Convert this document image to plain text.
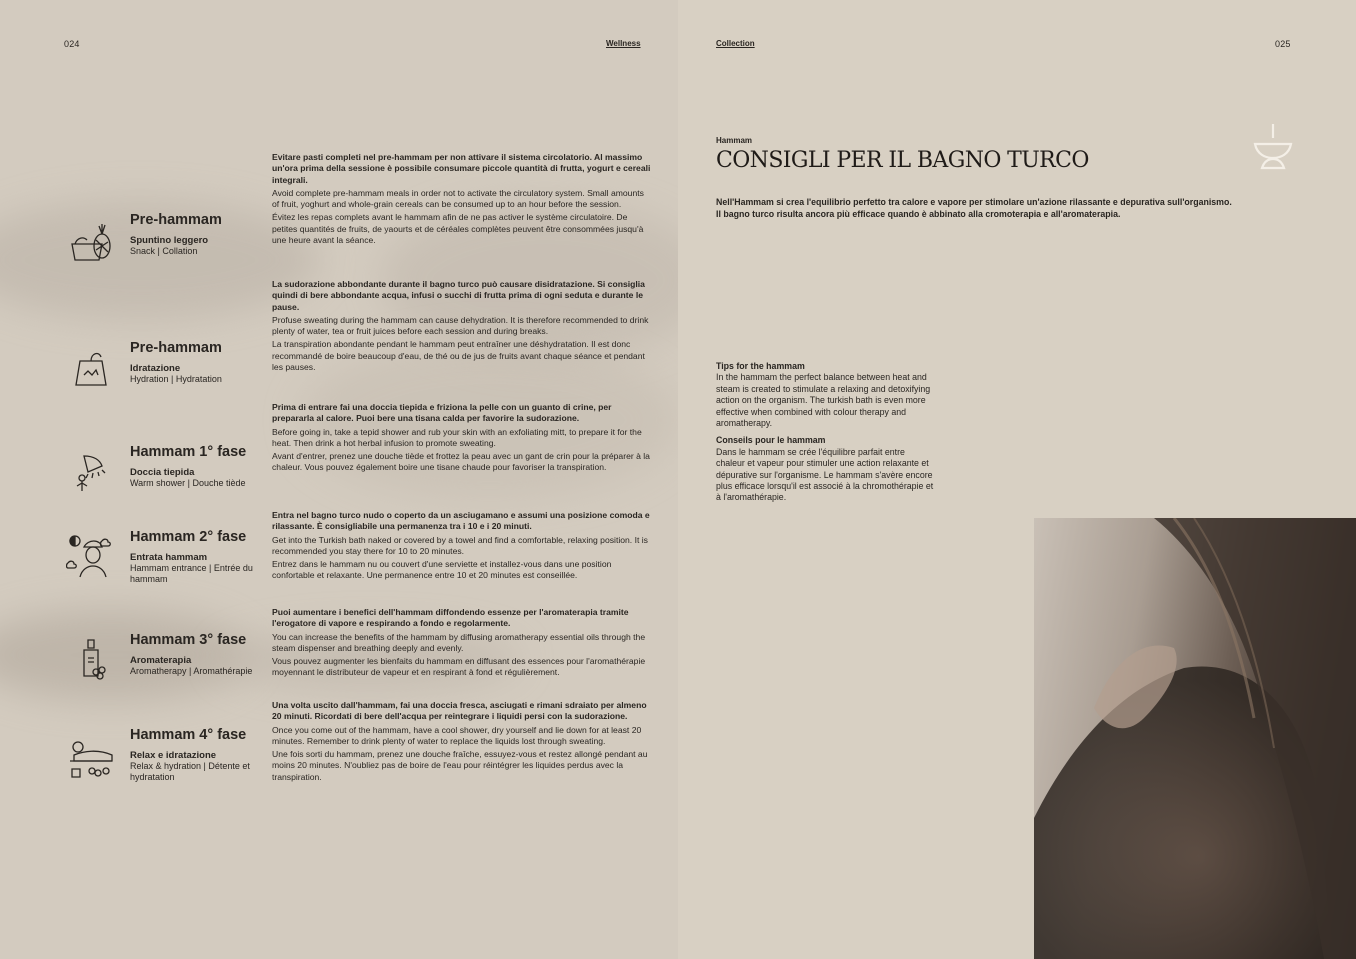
024	Wellness
Pre-hammam
Spuntino leggero
Snack | Collation

Evitare pasti completi nel pre-hammam per non attivare il sistema circolatorio. Al massimo un'ora prima della sessione è possibile consumare piccole quantità di frutta, yogurt e cereali integrali.

Avoid complete pre-hammam meals in order not to activate the circulatory system. Small amounts of fruit, yoghurt and whole-grain cereals can be consumed up to an hour before the session.

Évitez les repas complets avant le hammam afin de ne pas activer le système circulatoire. De petites quantités de fruits, de yaourts et de céréales complètes peuvent être consommées jusqu'à une heure avant la séance.

Pre-hammam
Idratazione
Hydration | Hydratation

La sudorazione abbondante durante il bagno turco può causare disidratazione. Si consiglia quindi di bere abbondante acqua, infusi o succhi di frutta prima di ogni seduta e durante le pause.

Profuse sweating during the hammam can cause dehydration. It is therefore recommended to drink plenty of water, tea or fruit juices before each session and during breaks.

La transpiration abondante pendant le hammam peut entraîner une déshydratation. Il est donc recommandé de boire beaucoup d'eau, de thé ou de jus de fruits avant chaque séance et pendant les pauses.

Hammam 1° fase
Doccia tiepida
Warm shower | Douche tiède

Prima di entrare fai una doccia tiepida e friziona la pelle con un guanto di crine, per prepararla al calore. Puoi bere una tisana calda per favorire la sudorazione.

Before going in, take a tepid shower and rub your skin with an exfoliating mitt, to prepare it for the heat. Then drink a hot herbal infusion to promote sweating.

Avant d'entrer, prenez une douche tiède et frottez la peau avec un gant de crin pour la préparer à la chaleur. Vous pouvez également boire une tisane chaude pour favoriser la transpiration.

Hammam 2° fase
Entrata hammam
Hammam entrance | Entrée du hammam

Entra nel bagno turco nudo o coperto da un asciugamano e assumi una posizione comoda e rilassante. È consigliabile una permanenza tra i 10 e i 20 minuti.

Get into the Turkish bath naked or covered by a towel and find a comfortable, relaxing position. It is recommended you stay there for 10 to 20 minutes.

Entrez dans le hammam nu ou couvert d'une serviette et installez-vous dans une position confortable et relaxante. Une permanence entre 10 et 20 minutes est conseillée.

Hammam 3° fase
Aromaterapia
Aromatherapy | Aromathérapie

Puoi aumentare i benefici dell'hammam diffondendo essenze per l'aromaterapia tramite l'erogatore di vapore e respirando a fondo e regolarmente.

You can increase the benefits of the hammam by diffusing aromatherapy essential oils through the steam dispenser and breathing deeply and evenly.

Vous pouvez augmenter les bienfaits du hammam en diffusant des essences pour l'aromathérapie moyennant le distributeur de vapeur et en respirant à fond et régulièrement.

Hammam 4° fase
Relax e idratazione
Relax & hydration | Détente et hydratation

Una volta uscito dall'hammam, fai una doccia fresca, asciugati e rimani sdraiato per almeno 20 minuti. Ricordati di bere dell'acqua per reintegrare i liquidi persi con la sudorazione.

Once you come out of the hammam, have a cool shower, dry yourself and lie down for at least 20 minutes. Remember to drink plenty of water to replace the liquids lost through sweating.

Une fois sorti du hammam, prenez une douche fraîche, essuyez-vous et restez allongé pendant au moins 20 minutes. N'oubliez pas de boire de l'eau pour réintégrer les liquides perdus avec la transpiration.

Collection	025
Hammam
CONSIGLI PER IL BAGNO TURCO
Nell'Hammam si crea l'equilibrio perfetto tra calore e vapore per stimolare un'azione rilassante e depurativa sull'organismo.
Il bagno turco risulta ancora più efficace quando è abbinato alla cromoterapia e all'aromaterapia.

Tips for the hammam

In the hammam the perfect balance between heat and steam is created to stimulate a relaxing and detoxifying action on the organism. The turkish bath is even more effective when combined with colour therapy and aromatherapy.

Conseils pour le hammam

Dans le hammam se crée l'équilibre parfait entre chaleur et vapeur pour stimuler une action relaxante et dépurative sur l'organisme. Le hammam s'avère encore plus efficace lorsqu'il est associé à la chromothérapie et à l'aromathérapie.
